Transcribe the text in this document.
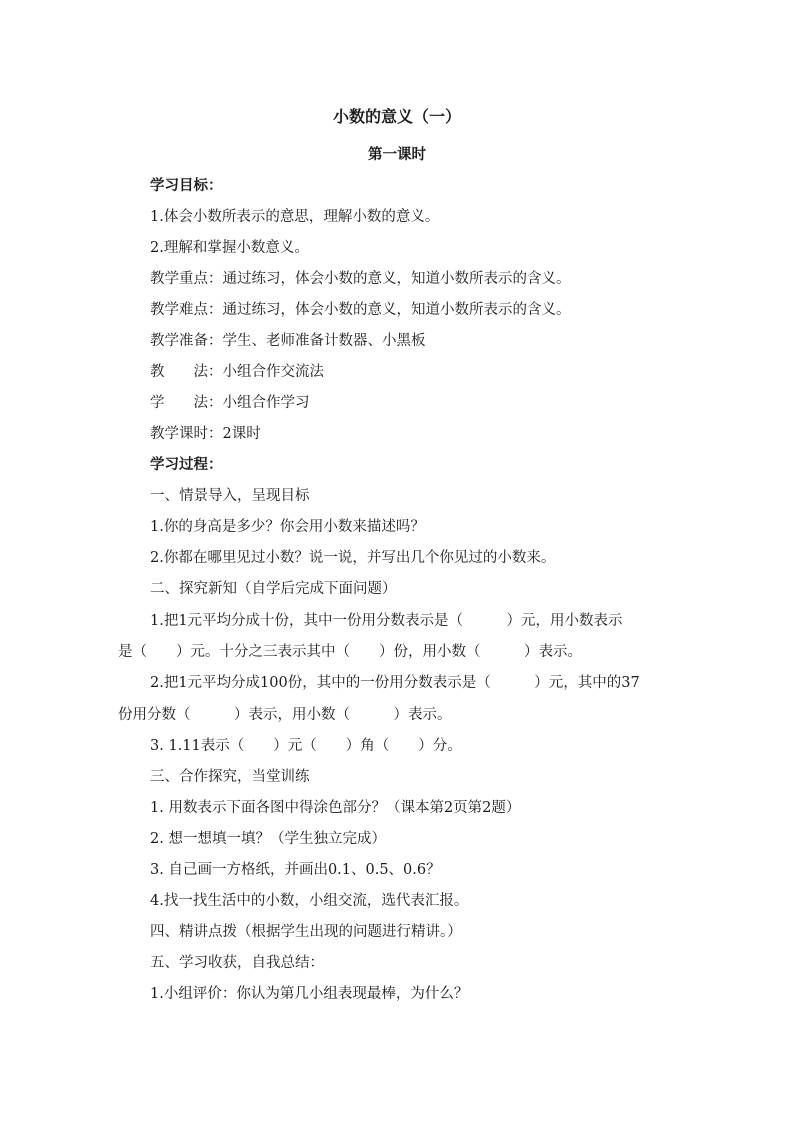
小数的意义（一）
第一课时
学习目标：
1.体会小数所表示的意思，理解小数的意义。
2.理解和掌握小数意义。
教学重点：通过练习，体会小数的意义，知道小数所表示的含义。
教学难点：通过练习，体会小数的意义，知道小数所表示的含义。
教学准备：学生、老师准备计数器、小黑板
教　　法：小组合作交流法
学　　法：小组合作学习
教学课时：2课时
学习过程：
一、情景导入，呈现目标
1.你的身高是多少？你会用小数来描述吗？
2.你都在哪里见过小数？说一说，并写出几个你见过的小数来。
二、探究新知（自学后完成下面问题）
1.把1元平均分成十份，其中一份用分数表示是（　　　）元，用小数表示
是（　　）元。十分之三表示其中（　　）份，用小数（　　　）表示。
2.把1元平均分成100份，其中的一份用分数表示是（　　　）元，其中的37
份用分数（　　　）表示，用小数（　　　）表示。
3. 1.11表示（　　）元（　　）角（　　）分。
三、合作探究，当堂训练
1. 用数表示下面各图中得涂色部分？（课本第2页第2题）
2. 想一想填一填？（学生独立完成）
3. 自己画一方格纸，并画出0.1、0.5、0.6？
4.找一找生活中的小数，小组交流，选代表汇报。
四、精讲点拨（根据学生出现的问题进行精讲。）
五、学习收获，自我总结：
1.小组评价：你认为第几小组表现最棒，为什么？
